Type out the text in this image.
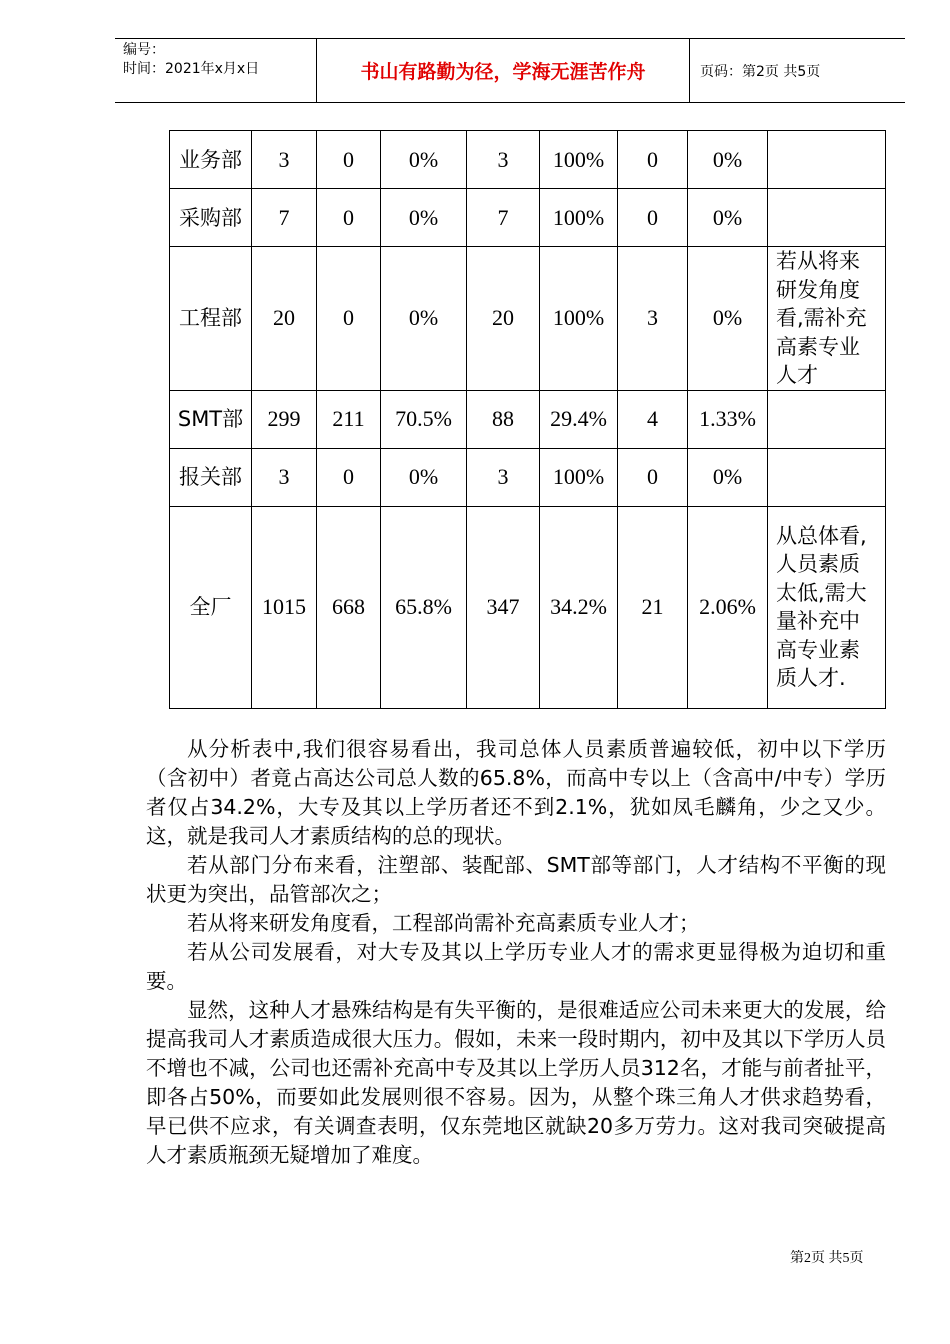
编号：
时间：2021年x月x日	书山有路勤为径，学海无涯苦作舟	页码：第2页 共5页
业务部	3	0	0%	3	100%	0	0%	
采购部	7	0	0%	7	100%	0	0%	
工程部	20	0	0%	20	100%	3	0%	若从将来研发角度看,需补充高素专业人才
SMT部	299	211	70.5%	88	29.4%	4	1.33%	
报关部	3	0	0%	3	100%	0	0%	
全厂	1015	668	65.8%	347	34.2%	21	2.06%	从总体看,人员素质太低,需大量补充中高专业素质人才.

从分析表中,我们很容易看出，我司总体人员素质普遍较低，初中以下学历（含初中）者竟占高达公司总人数的65.8%，而高中专以上（含高中/中专）学历者仅占34.2%，大专及其以上学历者还不到2.1%，犹如凤毛麟角，少之又少。这，就是我司人才素质结构的总的现状。

若从部门分布来看，注塑部、装配部、SMT部等部门，人才结构不平衡的现状更为突出，品管部次之；

若从将来研发角度看，工程部尚需补充高素质专业人才；

若从公司发展看，对大专及其以上学历专业人才的需求更显得极为迫切和重要。

显然，这种人才悬殊结构是有失平衡的，是很难适应公司未来更大的发展，给提高我司人才素质造成很大压力。假如，未来一段时期内，初中及其以下学历人员不增也不减，公司也还需补充高中专及其以上学历人员312名，才能与前者扯平，即各占50%，而要如此发展则很不容易。因为，从整个珠三角人才供求趋势看，早已供不应求，有关调查表明，仅东莞地区就缺20多万劳力。这对我司突破提高人才素质瓶颈无疑增加了难度。

第2页 共5页
